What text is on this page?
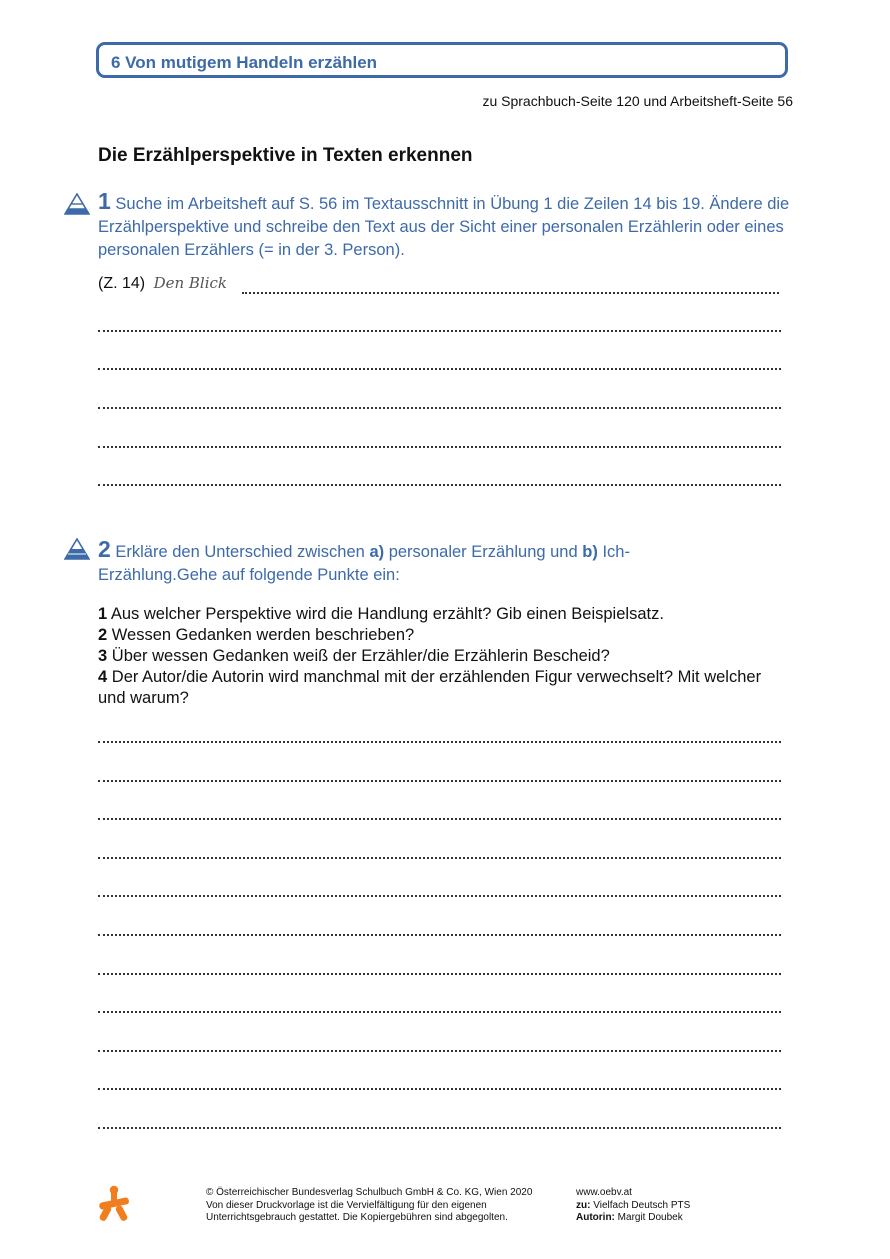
6 Von mutigem Handeln erzählen
zu Sprachbuch-Seite 120 und Arbeitsheft-Seite 56
Die Erzählperspektive in Texten erkennen
1 Suche im Arbeitsheft auf S. 56 im Textausschnitt in Übung 1 die Zeilen 14 bis 19. Ändere die Erzählperspektive und schreibe den Text aus der Sicht einer personalen Erzählerin oder eines personalen Erzählers (= in der 3. Person).
(Z. 14) Den Blick
2 Erkläre den Unterschied zwischen a) personaler Erzählung und b) Ich-Erzählung.Gehe auf folgende Punkte ein:
1 Aus welcher Perspektive wird die Handlung erzählt? Gib einen Beispielsatz.
2 Wessen Gedanken werden beschrieben?
3 Über wessen Gedanken weiß der Erzähler/die Erzählerin Bescheid?
4 Der Autor/die Autorin wird manchmal mit der erzählenden Figur verwechselt? Mit welcher und warum?
© Österreichischer Bundesverlag Schulbuch GmbH & Co. KG, Wien 2020
Von dieser Druckvorlage ist die Vervielfältigung für den eigenen
Unterrichtsgebrauch gestattet. Die Kopiergebühren sind abgegolten.
www.oebv.at
zu: Vielfach Deutsch PTS
Autorin: Margit Doubek
